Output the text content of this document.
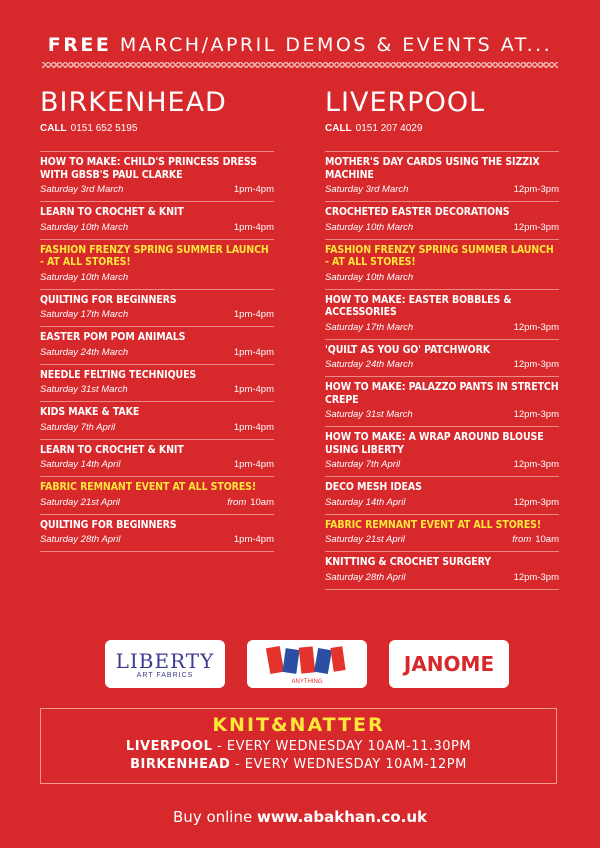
FREE MARCH/APRIL DEMOS & EVENTS AT...
BIRKENHEAD
CALL 0151 652 5195
HOW TO MAKE: CHILD'S PRINCESS DRESS WITH GBSB'S PAUL CLARKE
Saturday 3rd March	1pm-4pm
LEARN TO CROCHET & KNIT
Saturday 10th March	1pm-4pm
FASHION FRENZY SPRING SUMMER LAUNCH - AT ALL STORES!
Saturday 10th March
QUILTING FOR BEGINNERS
Saturday 17th March	1pm-4pm
EASTER POM POM ANIMALS
Saturday 24th March	1pm-4pm
NEEDLE FELTING TECHNIQUES
Saturday 31st March	1pm-4pm
KIDS MAKE & TAKE
Saturday 7th April	1pm-4pm
LEARN TO CROCHET & KNIT
Saturday 14th April	1pm-4pm
FABRIC REMNANT EVENT AT ALL STORES!
Saturday 21st April	from 10am
QUILTING FOR BEGINNERS
Saturday 28th April	1pm-4pm
LIVERPOOL
CALL 0151 207 4029
MOTHER'S DAY CARDS USING THE SIZZIX MACHINE
Saturday 3rd March	12pm-3pm
CROCHETED EASTER DECORATIONS
Saturday 10th March	12pm-3pm
FASHION FRENZY SPRING SUMMER LAUNCH - AT ALL STORES!
Saturday 10th March
HOW TO MAKE: EASTER BOBBLES & ACCESSORIES
Saturday 17th March	12pm-3pm
'QUILT AS YOU GO' PATCHWORK
Saturday 24th March	12pm-3pm
HOW TO MAKE: PALAZZO PANTS IN STRETCH CREPE
Saturday 31st March	12pm-3pm
HOW TO MAKE: A WRAP AROUND BLOUSE USING LIBERTY
Saturday 7th April	12pm-3pm
DECO MESH IDEAS
Saturday 14th April	12pm-3pm
FABRIC REMNANT EVENT AT ALL STORES!
Saturday 21st April	from 10am
KNITTING & CROCHET SURGERY
Saturday 28th April	12pm-3pm
LIBERTY
ART FABRICS
ANYTHING
JANOME
KNIT&NATTER
LIVERPOOL - EVERY WEDNESDAY 10AM-11.30PM
BIRKENHEAD - EVERY WEDNESDAY 10AM-12PM
Buy online www.abakhan.co.uk
